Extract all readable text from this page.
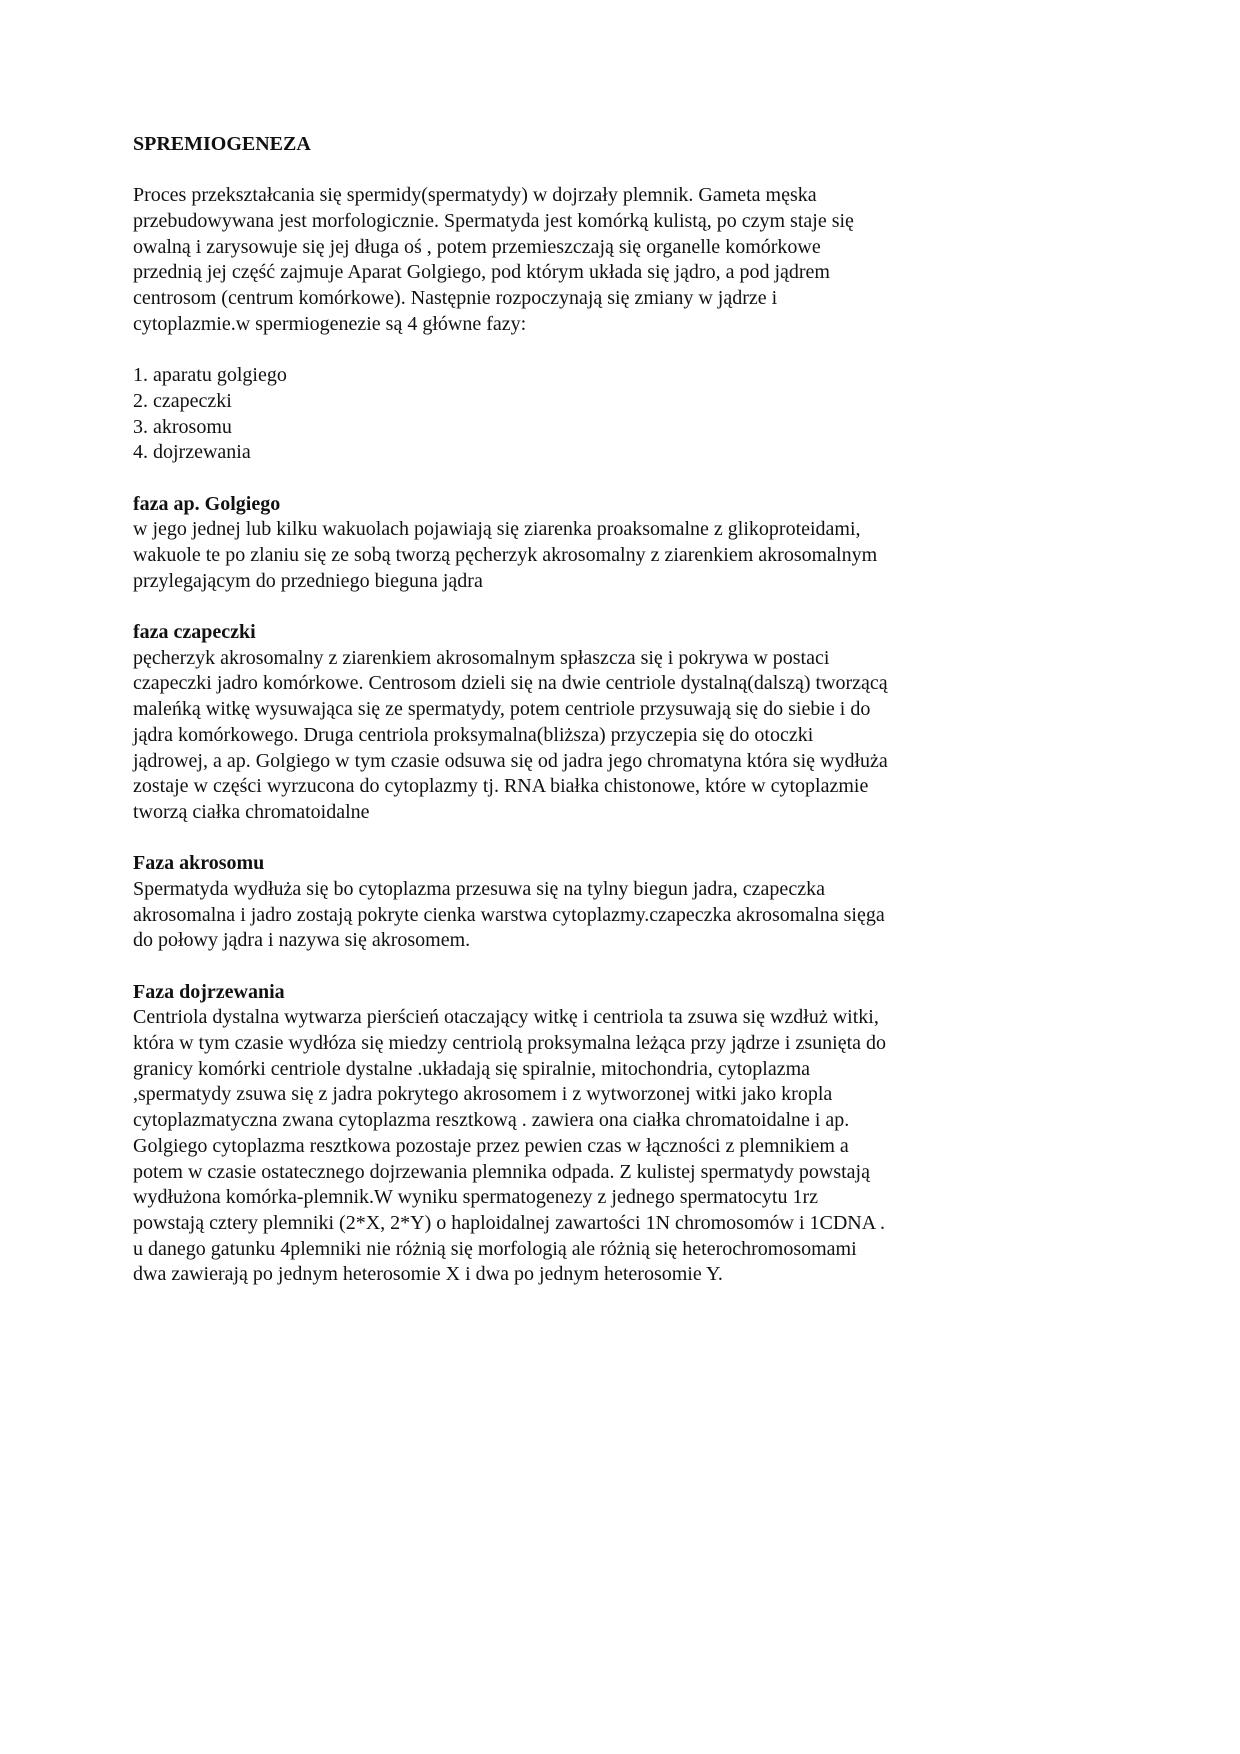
SPREMIOGENEZA
Proces przekształcania się spermidy(spermatydy) w dojrzały plemnik. Gameta męska
przebudowywana jest morfologicznie. Spermatyda jest komórką kulistą, po czym staje się
owalną i zarysowuje się jej długa oś , potem przemieszczają się organelle komórkowe
przednią jej część zajmuje Aparat Golgiego, pod którym układa się jądro, a pod jądrem
centrosom (centrum komórkowe). Następnie rozpoczynają się zmiany w jądrze i
cytoplazmie.w spermiogenezie są 4 główne fazy:
1. aparatu golgiego
2. czapeczki
3. akrosomu
4. dojrzewania
faza ap. Golgiego
w jego jednej lub kilku wakuolach pojawiają się ziarenka proaksomalne z glikoproteidami,
wakuole te po zlaniu się ze sobą tworzą pęcherzyk akrosomalny z ziarenkiem akrosomalnym
przylegającym do przedniego bieguna jądra
faza czapeczki
pęcherzyk akrosomalny z ziarenkiem akrosomalnym spłaszcza się i pokrywa w postaci
czapeczki jadro komórkowe. Centrosom dzieli się na dwie centriole dystalną(dalszą) tworzącą
maleńką witkę wysuwająca się ze spermatydy, potem centriole przysuwają się do siebie i do
jądra komórkowego. Druga centriola proksymalna(bliższa) przyczepia się do otoczki
jądrowej, a ap. Golgiego w tym czasie odsuwa się od jadra jego chromatyna która się wydłuża
zostaje w części wyrzucona do cytoplazmy tj. RNA białka chistonowe, które w cytoplazmie
tworzą ciałka chromatoidalne
Faza akrosomu
Spermatyda wydłuża się bo cytoplazma przesuwa się na tylny biegun jadra, czapeczka
akrosomalna i jadro zostają pokryte cienka warstwa cytoplazmy.czapeczka akrosomalna sięga
do połowy jądra i nazywa się akrosomem.
Faza dojrzewania
Centriola dystalna wytwarza pierścień otaczający witkę i centriola ta zsuwa się wzdłuż witki,
która w tym czasie wydłóza się miedzy centriolą proksymalna leżąca przy jądrze i zsunięta do
granicy komórki centriole dystalne .układają się spiralnie, mitochondria, cytoplazma
,spermatydy zsuwa się z jadra pokrytego akrosomem i z wytworzonej witki jako kropla
cytoplazmatyczna zwana cytoplazma resztkową . zawiera ona ciałka chromatoidalne i ap.
Golgiego cytoplazma resztkowa pozostaje przez pewien czas w łączności z plemnikiem a
potem w czasie ostatecznego dojrzewania plemnika odpada. Z kulistej spermatydy powstają
wydłużona komórka-plemnik.W wyniku spermatogenezy z jednego spermatocytu 1rz
powstają cztery plemniki (2*X, 2*Y) o haploidalnej zawartości 1N chromosomów i 1CDNA .
u danego gatunku 4plemniki nie różnią się morfologią ale różnią się heterochromosomami
dwa zawierają po jednym heterosomie X i dwa po jednym heterosomie Y.
